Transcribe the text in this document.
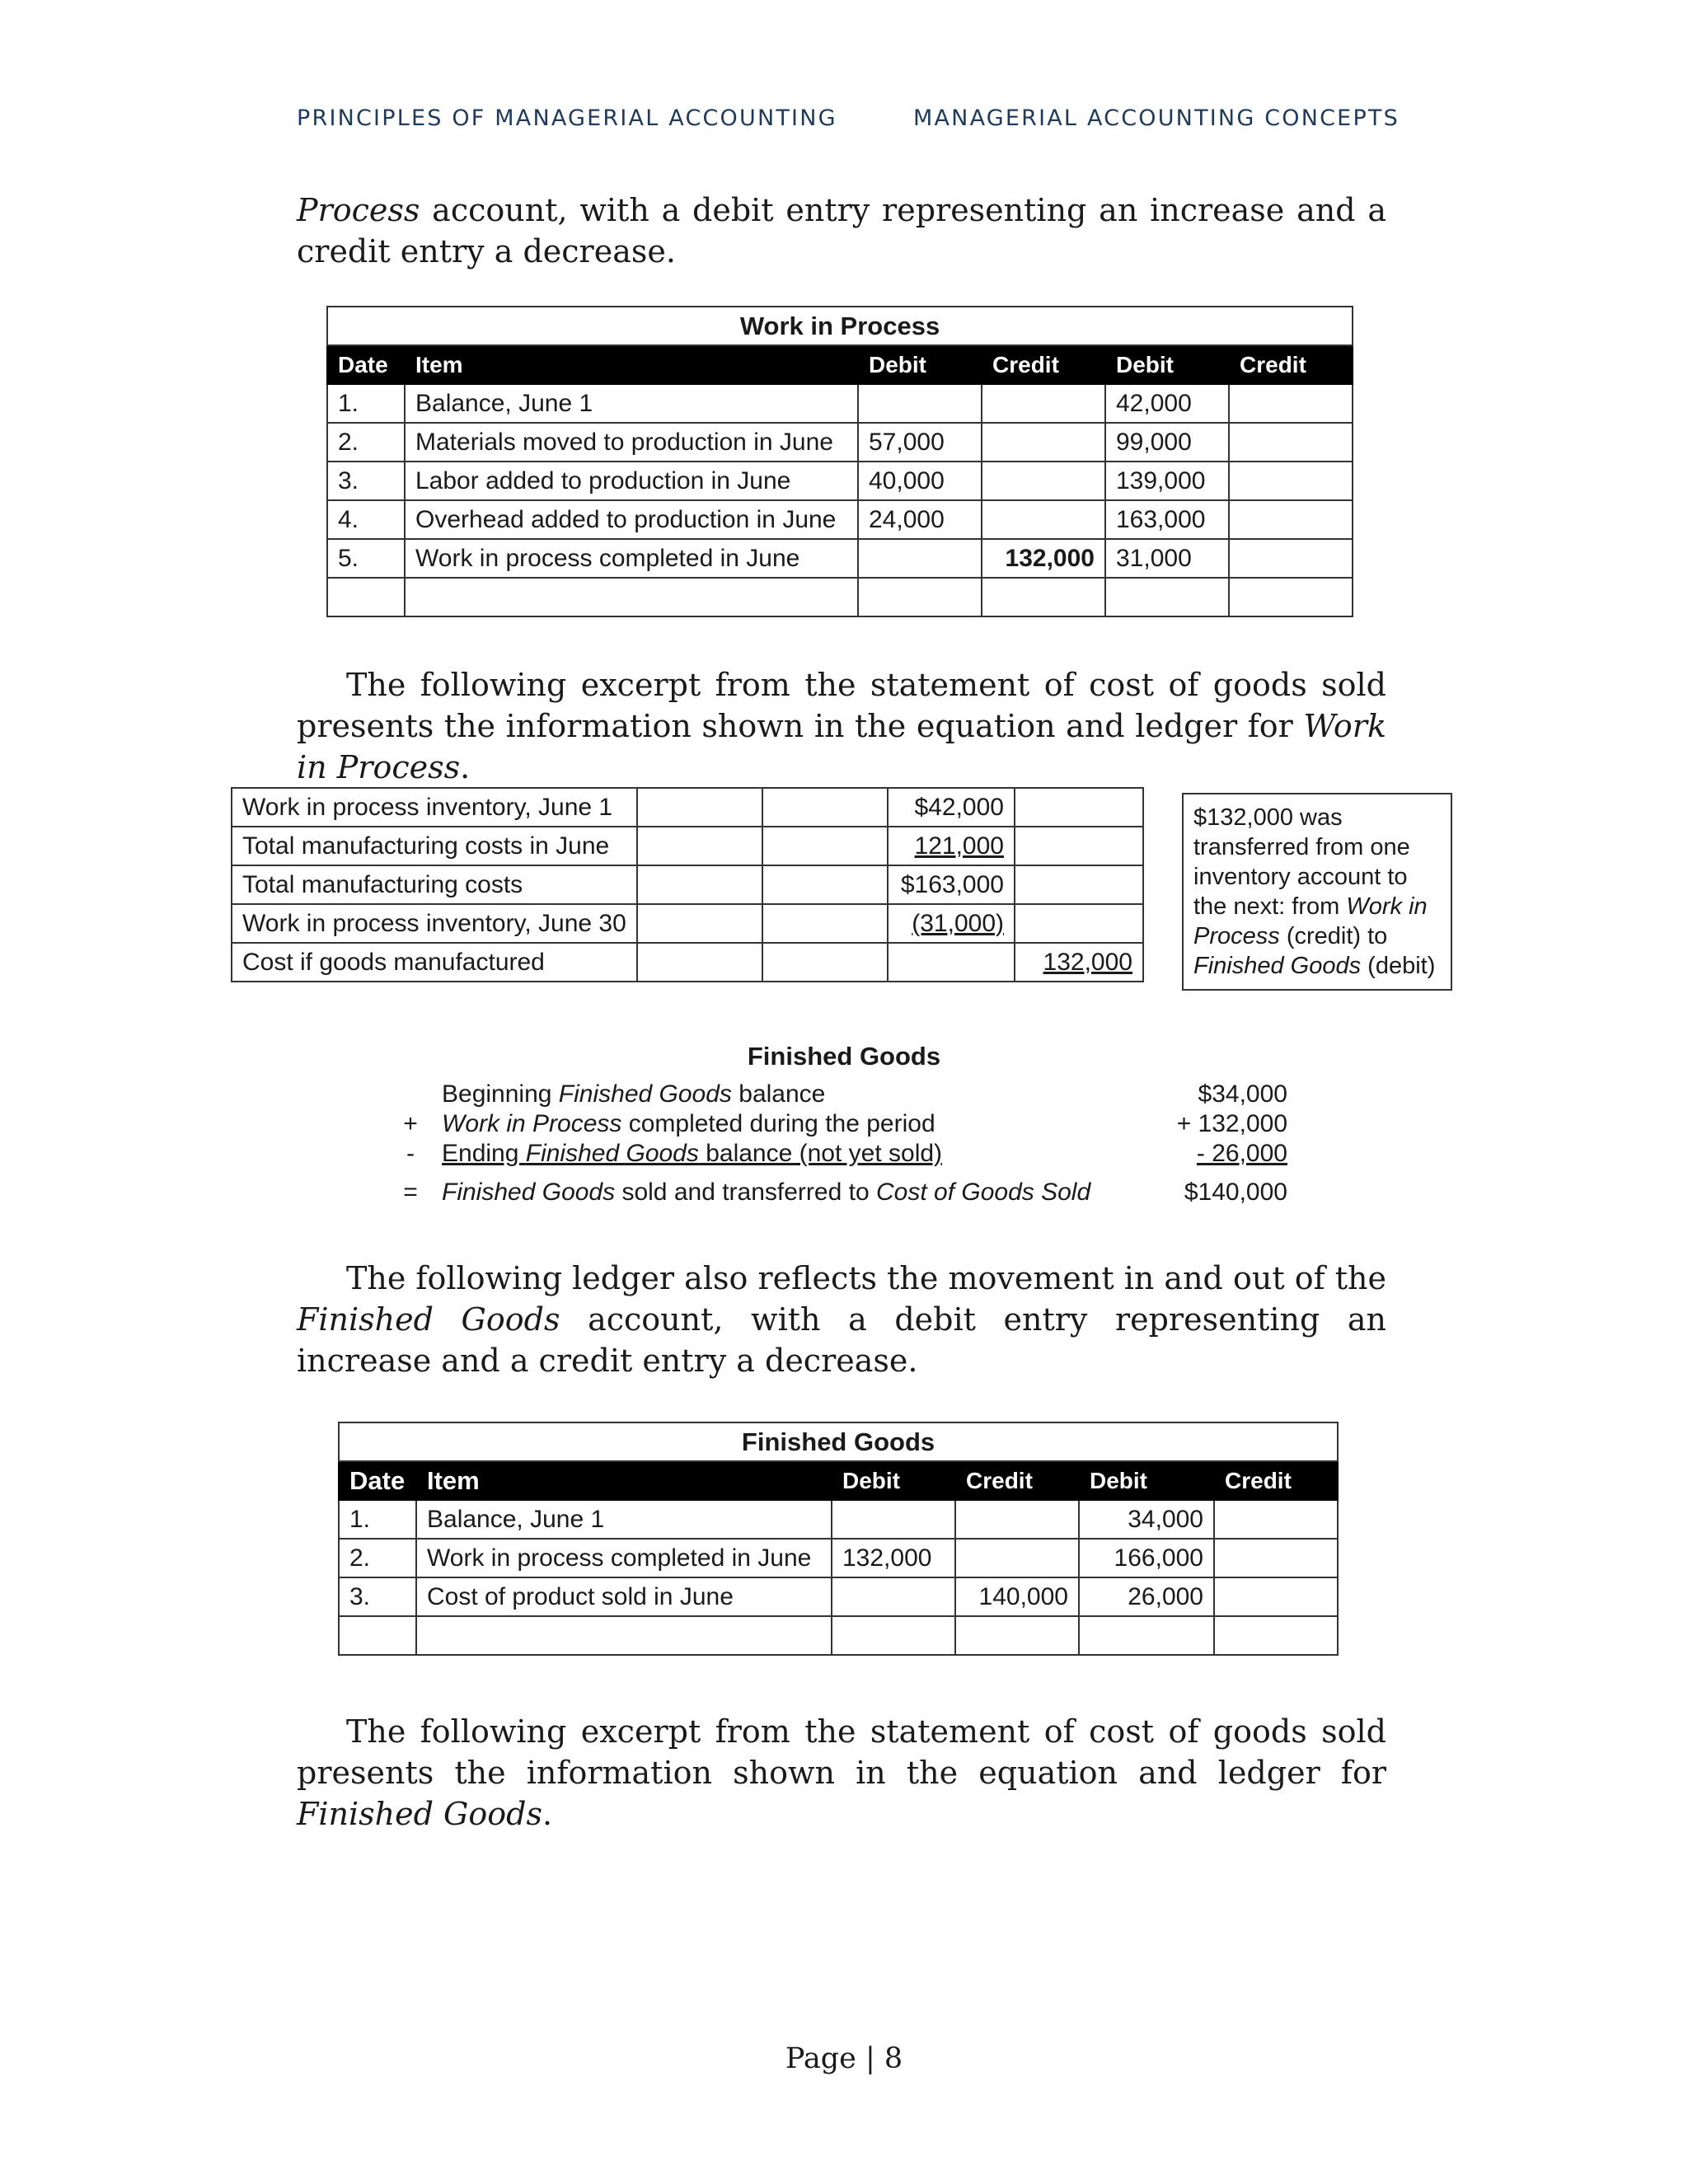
PRINCIPLES OF MANAGERIAL ACCOUNTING	MANAGERIAL ACCOUNTING CONCEPTS
Process account, with a debit entry representing an increase and a credit entry a decrease.
Work in Process					
Date	Item	Debit	Credit	Debit	Credit
1.	Balance, June 1			42,000	
2.	Materials moved to production in June	57,000		99,000	
3.	Labor added to production in June	40,000		139,000	
4.	Overhead added to production in June	24,000		163,000	
5.	Work in process completed in June		132,000	31,000	

The following excerpt from the statement of cost of goods sold presents the information shown in the equation and ledger for Work in Process.
Work in process inventory, June 1			$42,000	
Total manufacturing costs in June			121,000	
Total manufacturing costs			$163,000	
Work in process inventory, June 30			(31,000)	
Cost if goods manufactured				132,000
$132,000 was transferred from one inventory account to the next: from Work in Process (credit) to Finished Goods (debit)
Finished Goods
Beginning Finished Goods balance	$34,000
+ Work in Process completed during the period	+ 132,000
-	Ending Finished Goods balance (not yet sold)	- 26,000
= Finished Goods sold and transferred to Cost of Goods Sold	$140,000
The following ledger also reflects the movement in and out of the Finished Goods account, with a debit entry representing an increase and a credit entry a decrease.
Finished Goods					
Date	Item	Debit	Credit	Debit	Credit
1.	Balance, June 1			34,000	
2.	Work in process completed in June	132,000		166,000	
3.	Cost of product sold in June		140,000	26,000	

The following excerpt from the statement of cost of goods sold presents the information shown in the equation and ledger for Finished Goods.
Page | 8
